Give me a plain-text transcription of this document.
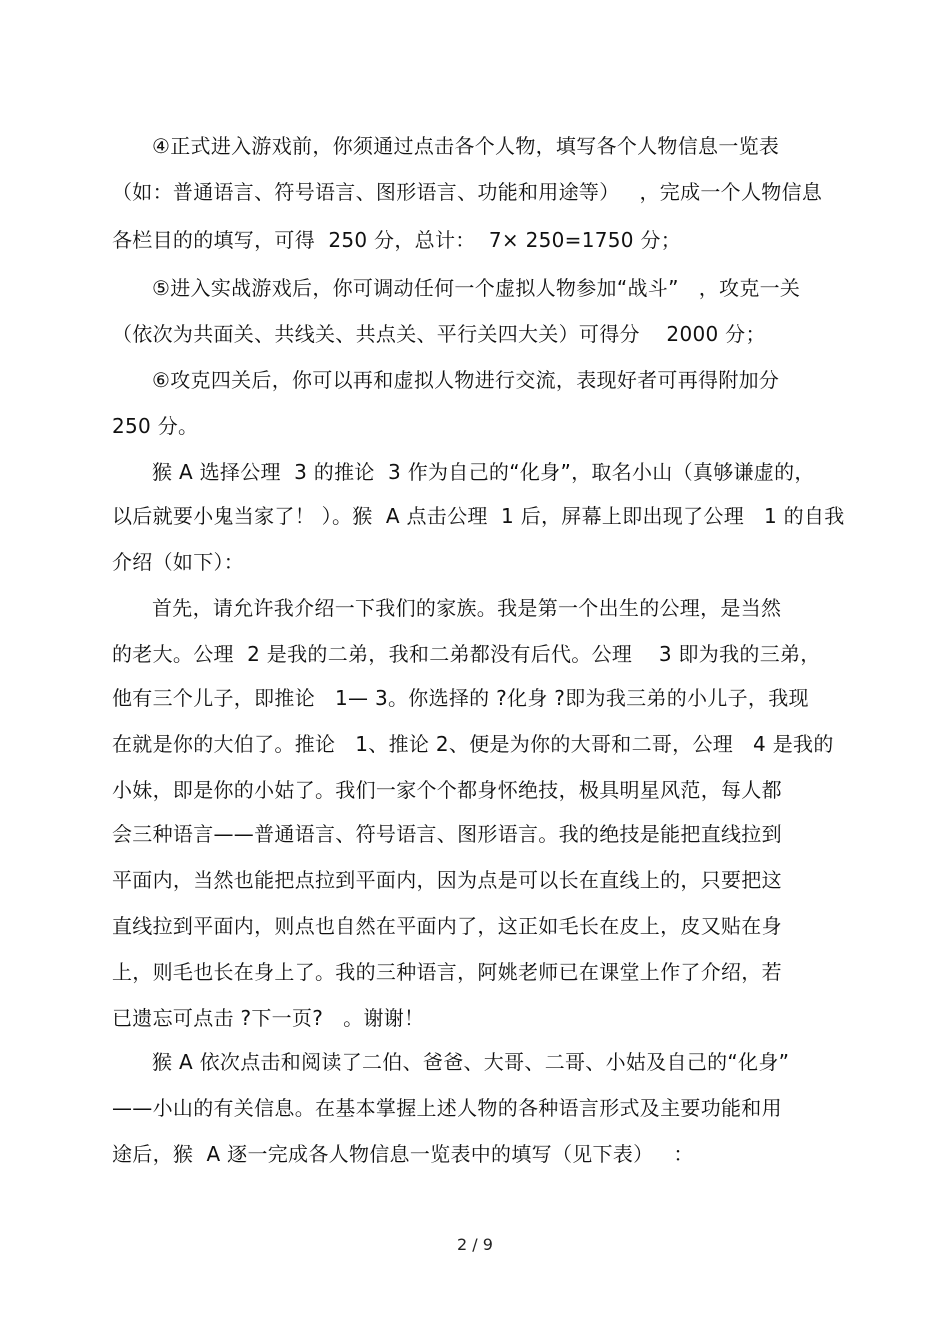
④正式进入游戏前，你须通过点击各个人物，填写各个人物信息一览表
（如：普通语言、符号语言、图形语言、功能和用途等）   ，完成一个人物信息
各栏目的的填写，可得  250 分，总计：  7× 250=1750 分；
⑤进入实战游戏后，你可调动任何一个虚拟人物参加“战斗”   ，攻克一关
（依次为共面关、共线关、共点关、平行关四大关）可得分    2000 分；
⑥攻克四关后，你可以再和虚拟人物进行交流，表现好者可再得附加分
250 分。
猴 A 选择公理  3 的推论  3 作为自己的“化身”，取名小山（真够谦虚的，
以后就要小鬼当家了！ ）。猴  A 点击公理  1 后，屏幕上即出现了公理   1 的自我
介绍（如下）：
首先，请允许我介绍一下我们的家族。我是第一个出生的公理，是当然
的老大。公理  2 是我的二弟，我和二弟都没有后代。公理    3 即为我的三弟，
他有三个儿子，即推论   1— 3。你选择的 ?化身 ?即为我三弟的小儿子，我现
在就是你的大伯了。推论   1、推论 2、便是为你的大哥和二哥，公理   4 是我的
小妹，即是你的小姑了。我们一家个个都身怀绝技，极具明星风范，每人都
会三种语言——普通语言、符号语言、图形语言。我的绝技是能把直线拉到
平面内，当然也能把点拉到平面内，因为点是可以长在直线上的，只要把这
直线拉到平面内，则点也自然在平面内了，这正如毛长在皮上，皮又贴在身
上，则毛也长在身上了。我的三种语言，阿姚老师已在课堂上作了介绍，若
已遗忘可点击 ?下一页?   。谢谢！
猴 A 依次点击和阅读了二伯、爸爸、大哥、二哥、小姑及自己的“化身”
——小山的有关信息。在基本掌握上述人物的各种语言形式及主要功能和用
途后，猴  A 逐一完成各人物信息一览表中的填写（见下表）   ：
2 / 9
